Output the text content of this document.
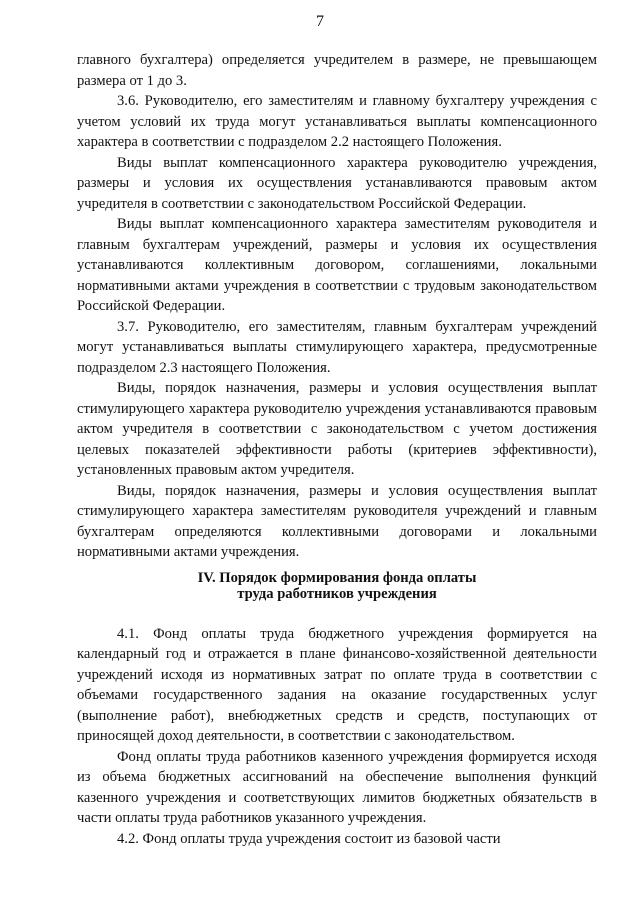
7

главного бухгалтера) определяется учредителем в размере, не превышающем размера от 1 до 3.

3.6. Руководителю, его заместителям и главному бухгалтеру учреждения с учетом условий их труда могут устанавливаться выплаты компенсационного характера в соответствии с подразделом 2.2 настоящего Положения.

Виды выплат компенсационного характера руководителю учреждения, размеры и условия их осуществления устанавливаются правовым актом учредителя в соответствии с законодательством Российской Федерации.

Виды выплат компенсационного характера заместителям руководителя и главным бухгалтерам учреждений, размеры и условия их осуществления устанавливаются коллективным договором, соглашениями, локальными нормативными актами учреждения в соответствии с трудовым законодательством Российской Федерации.

3.7. Руководителю, его заместителям, главным бухгалтерам учреждений могут устанавливаться выплаты стимулирующего характера, предусмотренные подразделом 2.3 настоящего Положения.

Виды, порядок назначения, размеры и условия осуществления выплат стимулирующего характера руководителю учреждения устанавливаются правовым актом учредителя в соответствии с законодательством с учетом достижения целевых показателей эффективности работы (критериев эффективности), установленных правовым актом учредителя.

Виды, порядок назначения, размеры и условия осуществления выплат стимулирующего характера заместителям руководителя учреждений и главным бухгалтерам определяются коллективными договорами и локальными нормативными актами учреждения.

IV. Порядок формирования фонда оплаты
труда работников учреждения

4.1. Фонд оплаты труда бюджетного учреждения формируется на календарный год и отражается в плане финансово-хозяйственной деятельности учреждений исходя из нормативных затрат по оплате труда в соответствии с объемами государственного задания на оказание государственных услуг (выполнение работ), внебюджетных средств и средств, поступающих от приносящей доход деятельности, в соответствии с законодательством.

Фонд оплаты труда работников казенного учреждения формируется исходя из объема бюджетных ассигнований на обеспечение выполнения функций казенного учреждения и соответствующих лимитов бюджетных обязательств в части оплаты труда работников указанного учреждения.

4.2. Фонд оплаты труда учреждения состоит из базовой части
